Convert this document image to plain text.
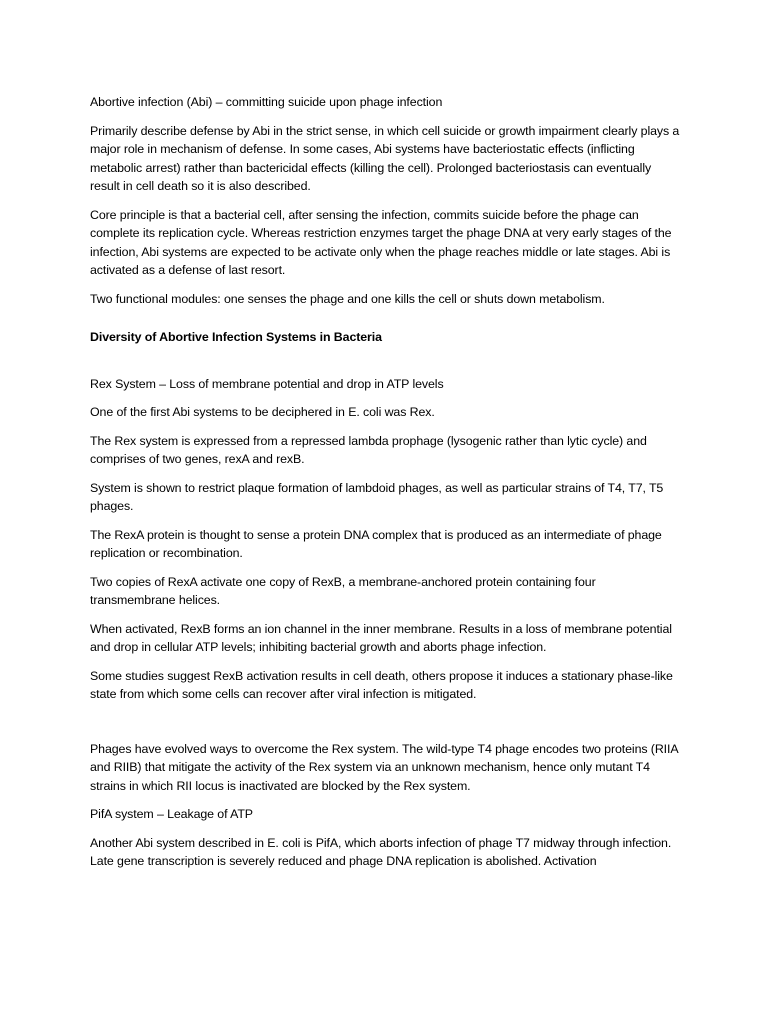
Abortive infection (Abi) – committing suicide upon phage infection

Primarily describe defense by Abi in the strict sense, in which cell suicide or growth impairment clearly plays a major role in mechanism of defense. In some cases, Abi systems have bacteriostatic effects (inflicting metabolic arrest) rather than bactericidal effects (killing the cell). Prolonged bacteriostasis can eventually result in cell death so it is also described.

Core principle is that a bacterial cell, after sensing the infection, commits suicide before the phage can complete its replication cycle. Whereas restriction enzymes target the phage DNA at very early stages of the infection, Abi systems are expected to be activate only when the phage reaches middle or late stages. Abi is activated as a defense of last resort.

Two functional modules: one senses the phage and one kills the cell or shuts down metabolism.

Diversity of Abortive Infection Systems in Bacteria

Rex System – Loss of membrane potential and drop in ATP levels

One of the first Abi systems to be deciphered in E. coli was Rex.

The Rex system is expressed from a repressed lambda prophage (lysogenic rather than lytic cycle) and comprises of two genes, rexA and rexB.

System is shown to restrict plaque formation of lambdoid phages, as well as particular strains of T4, T7, T5 phages.

The RexA protein is thought to sense a protein DNA complex that is produced as an intermediate of phage replication or recombination.

Two copies of RexA activate one copy of RexB, a membrane-anchored protein containing four transmembrane helices.

When activated, RexB forms an ion channel in the inner membrane. Results in a loss of membrane potential and drop in cellular ATP levels; inhibiting bacterial growth and aborts phage infection.

Some studies suggest RexB activation results in cell death, others propose it induces a stationary phase-like state from which some cells can recover after viral infection is mitigated.

Phages have evolved ways to overcome the Rex system. The wild-type T4 phage encodes two proteins (RIIA and RIIB) that mitigate the activity of the Rex system via an unknown mechanism, hence only mutant T4 strains in which RII locus is inactivated are blocked by the Rex system.

PifA system – Leakage of ATP

Another Abi system described in E. coli is PifA, which aborts infection of phage T7 midway through infection. Late gene transcription is severely reduced and phage DNA replication is abolished. Activation
